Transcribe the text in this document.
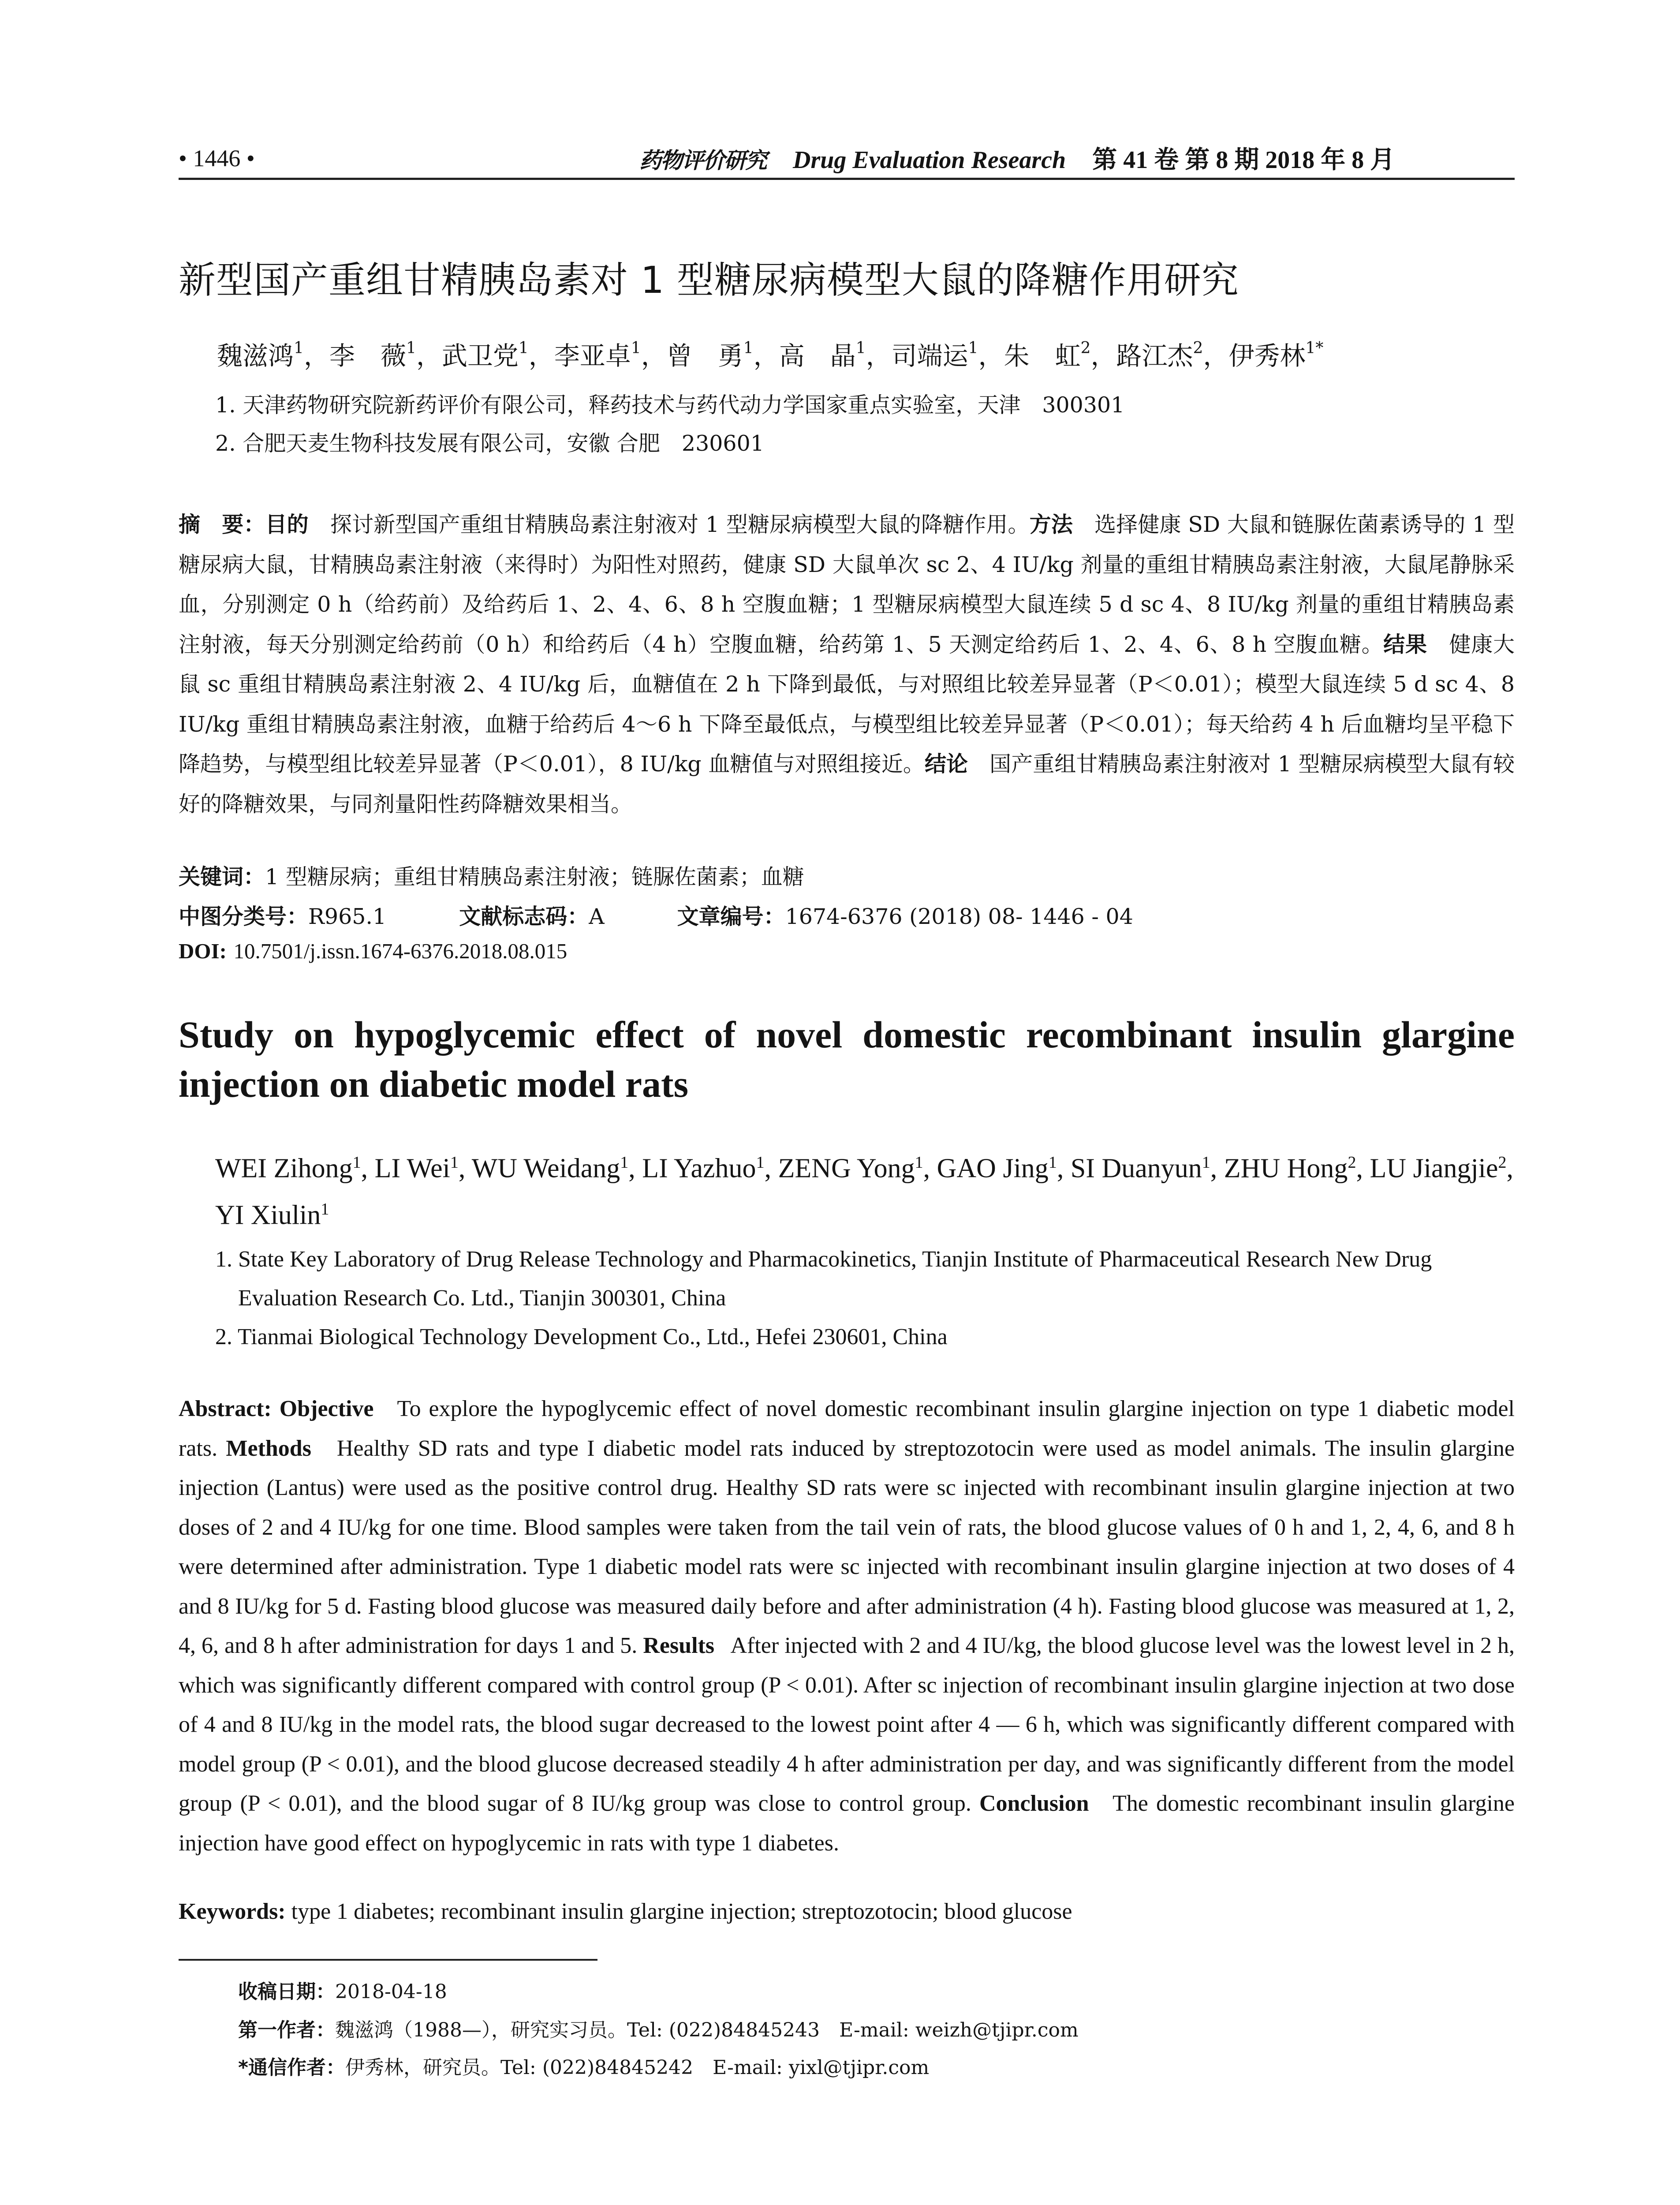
• 1446 •	药物评价研究 Drug Evaluation Research 第 41 卷 第 8 期 2018 年 8 月
新型国产重组甘精胰岛素对 1 型糖尿病模型大鼠的降糖作用研究
魏滋鸿$^1$，李　薇$^1$，武卫党$^1$，李亚卓$^1$，曾　勇$^1$，高　晶$^1$，司端运$^1$，朱　虹$^2$，路江杰$^2$，伊秀林$^{1*}$
1. 天津药物研究院新药评价有限公司，释药技术与药代动力学国家重点实验室，天津　300301
2. 合肥天麦生物科技发展有限公司，安徽 合肥　230601
摘　要：目的　 探讨新型国产重组甘精胰岛素注射液对 1 型糖尿病模型大鼠的降糖作用。方法　 选择健康 SD 大鼠和链脲佐菌素诱导的 1 型糖尿病大鼠，甘精胰岛素注射液（来得时）为阳性对照药，健康 SD 大鼠单次 sc 2、4 IU/kg 剂量的重组甘精胰岛素注射液，大鼠尾静脉采血，分别测定 0 h（给药前）及给药后 1、2、4、6、8 h 空腹血糖；1 型糖尿病模型大鼠连续 5 d sc 4、8 IU/kg 剂量的重组甘精胰岛素注射液，每天分别测定给药前（0 h）和给药后（4 h）空腹血糖，给药第 1、5 天测定给药后 1、2、4、6、8 h 空腹血糖。结果　 健康大鼠 sc 重组甘精胰岛素注射液 2、4 IU/kg 后，血糖值在 2 h 下降到最低，与对照组比较差异显著（P＜0.01）；模型大鼠连续 5 d sc 4、8 IU/kg 重组甘精胰岛素注射液，血糖于给药后 4～6 h 下降至最低点，与模型组比较差异显著（P＜0.01）；每天给药 4 h 后血糖均呈平稳下降趋势，与模型组比较差异显著（P＜0.01），8 IU/kg 血糖值与对照组接近。结论　 国产重组甘精胰岛素注射液对 1 型糖尿病模型大鼠有较好的降糖效果，与同剂量阳性药降糖效果相当。
关键词：1 型糖尿病；重组甘精胰岛素注射液；链脲佐菌素；血糖
中图分类号：R965.1	文献标志码：A	文章编号：1674-6376 (2018) 08- 1446 - 04
DOI: 10.7501/j.issn.1674-6376.2018.08.015
Study on hypoglycemic effect of novel domestic recombinant insulin glargine injection on diabetic model rats
WEI Zihong$^1$, LI Wei$^1$, WU Weidang$^1$, LI Yazhuo$^1$, ZENG Yong$^1$, GAO Jing$^1$, SI Duanyun$^1$, ZHU Hong$^2$, LU Jiangjie$^2$, YI Xiulin$^1$
1. State Key Laboratory of Drug Release Technology and Pharmacokinetics, Tianjin Institute of Pharmaceutical Research New Drug Evaluation Research Co. Ltd., Tianjin 300301, China
2. Tianmai Biological Technology Development Co., Ltd., Hefei 230601, China
Abstract: Objective To explore the hypoglycemic effect of novel domestic recombinant insulin glargine injection on type 1 diabetic model rats. Methods Healthy SD rats and type I diabetic model rats induced by streptozotocin were used as model animals. The insulin glargine injection (Lantus) were used as the positive control drug. Healthy SD rats were sc injected with recombinant insulin glargine injection at two doses of 2 and 4 IU/kg for one time. Blood samples were taken from the tail vein of rats, the blood glucose values of 0 h and 1, 2, 4, 6, and 8 h were determined after administration. Type 1 diabetic model rats were sc injected with recombinant insulin glargine injection at two doses of 4 and 8 IU/kg for 5 d. Fasting blood glucose was measured daily before and after administration (4 h). Fasting blood glucose was measured at 1, 2, 4, 6, and 8 h after administration for days 1 and 5. Results After injected with 2 and 4 IU/kg, the blood glucose level was the lowest level in 2 h, which was significantly different compared with control group (P < 0.01). After sc injection of recombinant insulin glargine injection at two dose of 4 and 8 IU/kg in the model rats, the blood sugar decreased to the lowest point after 4 — 6 h, which was significantly different compared with model group (P < 0.01), and the blood glucose decreased steadily 4 h after administration per day, and was significantly different from the model group (P < 0.01), and the blood sugar of 8 IU/kg group was close to control group. Conclusion The domestic recombinant insulin glargine injection have good effect on hypoglycemic in rats with type 1 diabetes.
Keywords: type 1 diabetes; recombinant insulin glargine injection; streptozotocin; blood glucose
收稿日期：2018-04-18
第一作者：魏滋鸿（1988—），研究实习员。Tel: (022)84845243　E-mail: weizh@tjipr.com
*通信作者：伊秀林，研究员。Tel: (022)84845242　E-mail: yixl@tjipr.com
